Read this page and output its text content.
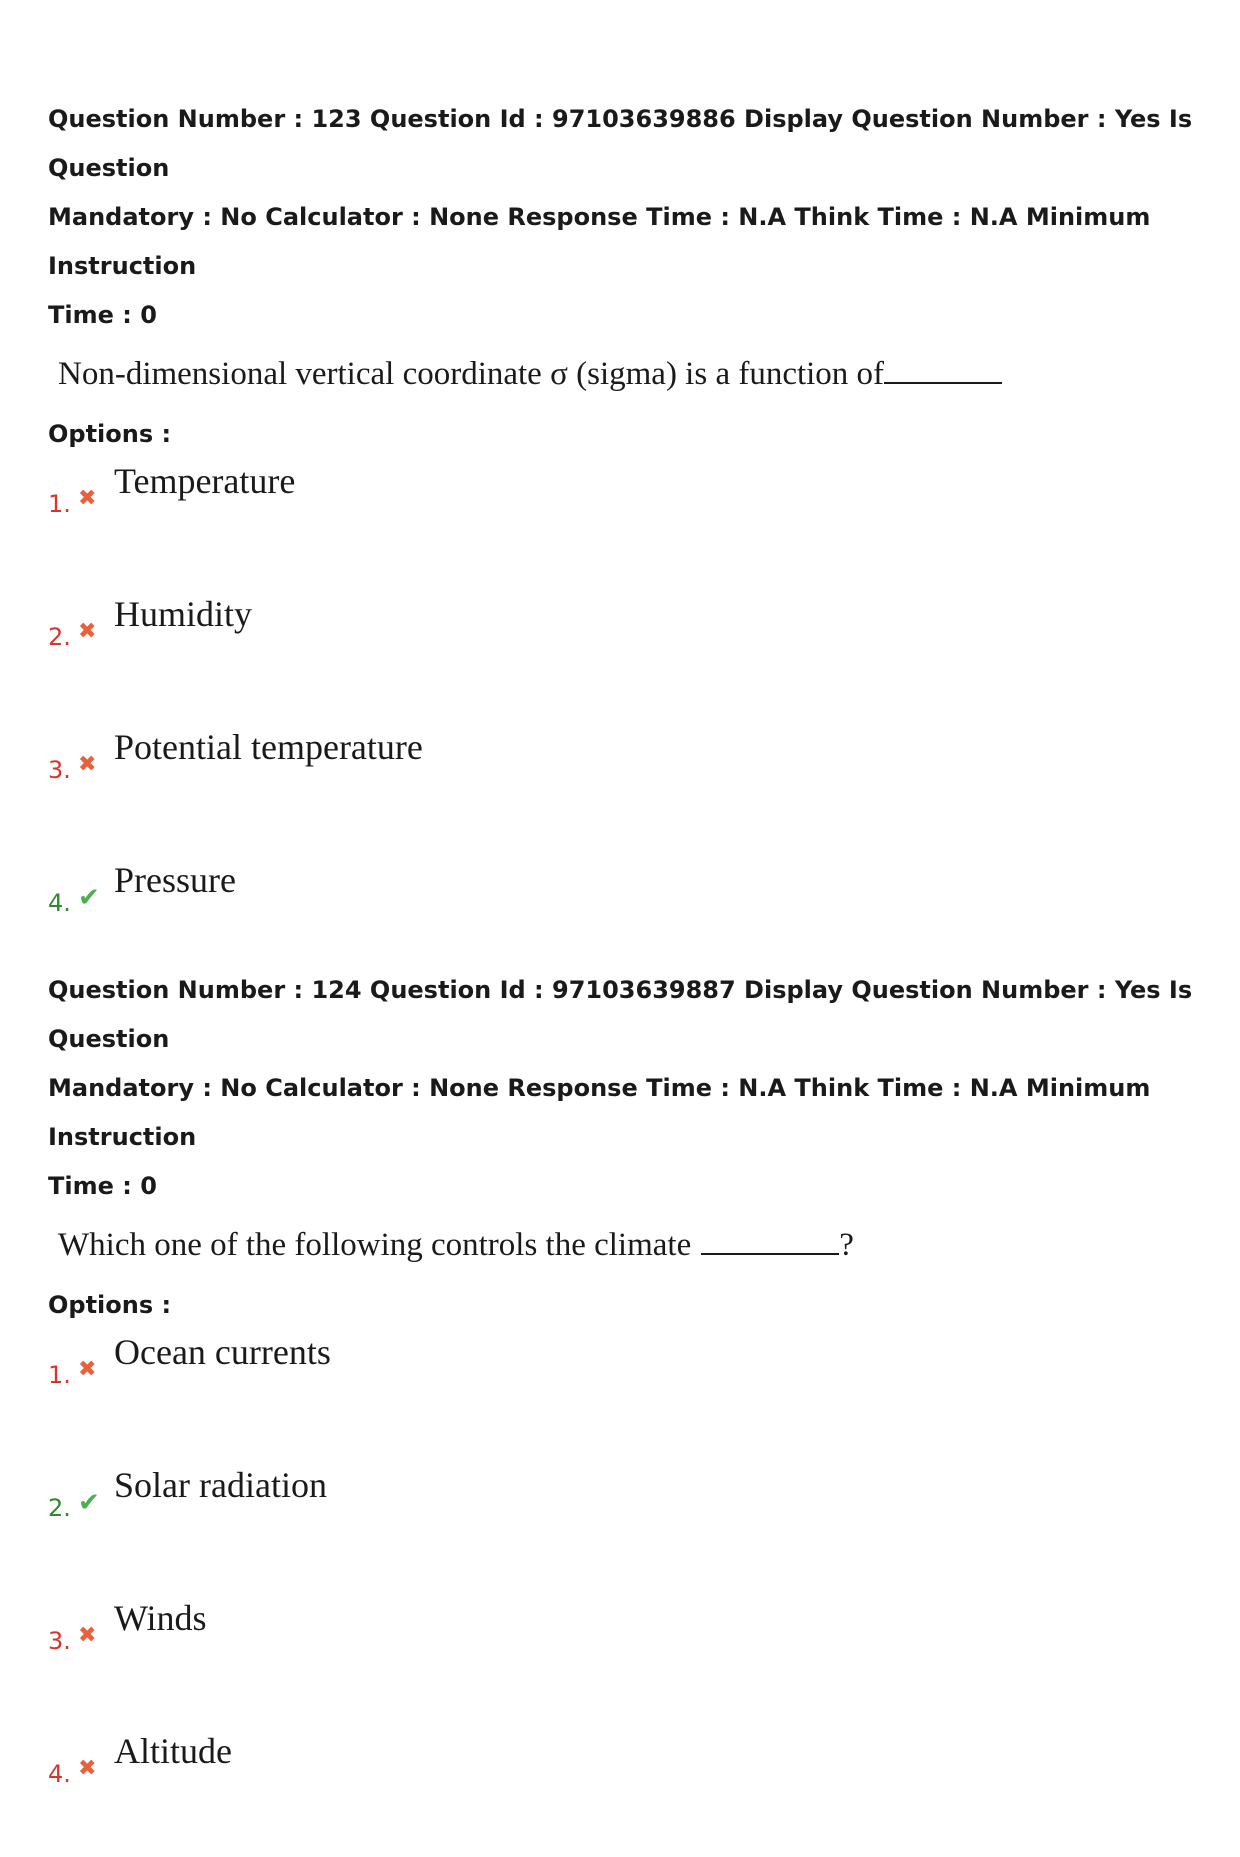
Question Number : 123 Question Id : 97103639886 Display Question Number : Yes Is Question

Mandatory : No Calculator : None Response Time : N.A Think Time : N.A Minimum Instruction

Time : 0

Non-dimensional vertical coordinate σ (sigma) is a function of
Options :
1. ✖ Temperature
2. ✖ Humidity
3. ✖ Potential temperature
4. ✔ Pressure

Question Number : 124 Question Id : 97103639887 Display Question Number : Yes Is Question

Mandatory : No Calculator : None Response Time : N.A Think Time : N.A Minimum Instruction

Time : 0

Which one of the following controls the climate	?
Options :
1. ✖ Ocean currents
2. ✔ Solar radiation
3. ✖ Winds
4. ✖ Altitude
